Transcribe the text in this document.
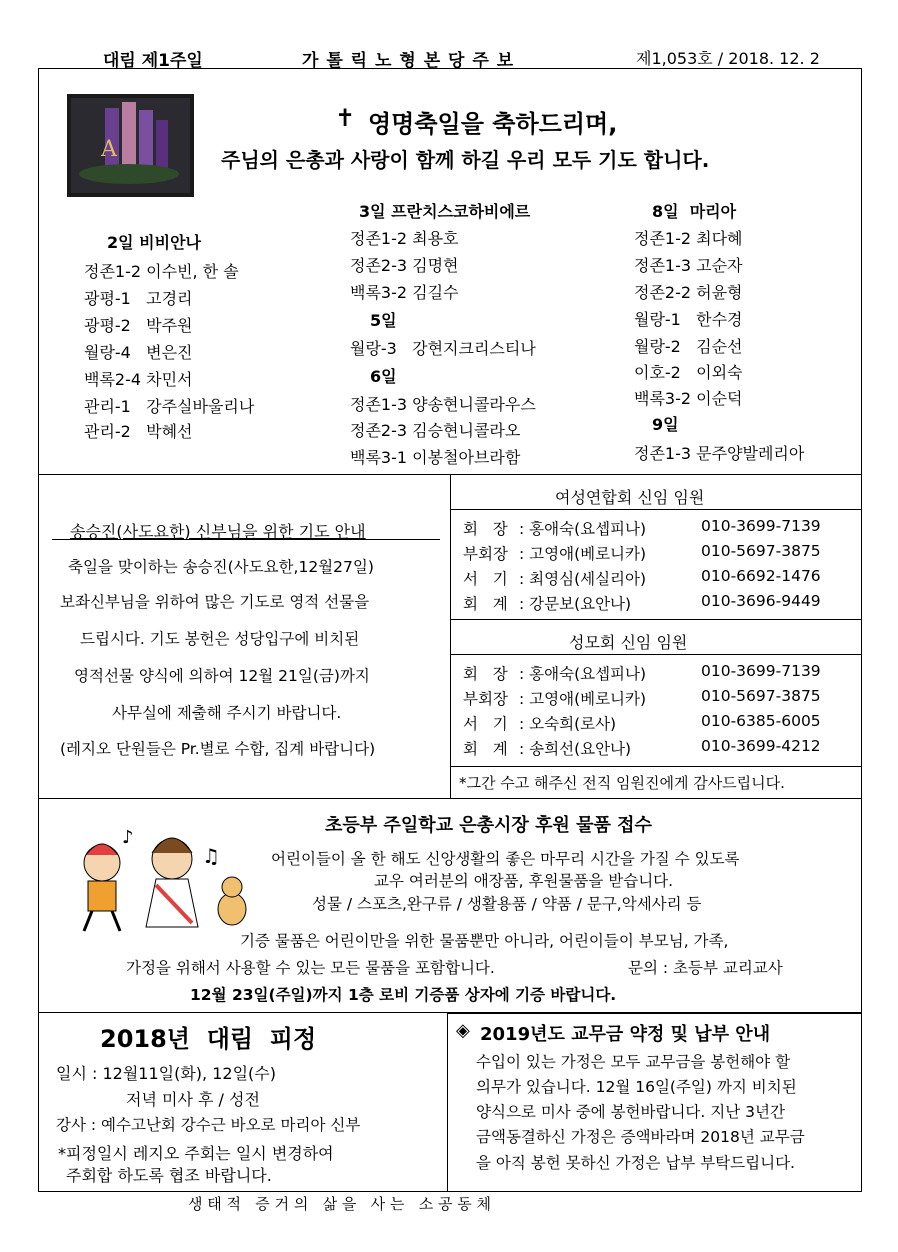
대림 제1주일	가 톨 릭 노 형 본 당 주 보	제1,053호 / 2018. 12. 2
A
✝ 영명축일을 축하드리며,
주님의 은총과 사랑이 함께 하길 우리 모두 기도 합니다.
2일 비비안나
정존1-2 이수빈, 한 솔
광평-1   고경리
광평-2   박주원
월랑-4   변은진
백록2-4 차민서
관리-1   강주실바울리나
관리-2   박혜선
3일 프란치스코하비에르
정존1-2 최용호
정존2-3 김명현
백록3-2 김길수
5일
월랑-3   강현지크리스티나
6일
정존1-3 양송현니콜라우스
정존2-3 김승현니콜라오
백록3-1 이봉철아브라함
8일  마리아
정존1-2 최다혜
정존1-3 고순자
정존2-2 허윤형
월랑-1   한수경
월랑-2   김순선
이호-2   이외숙
백록3-2 이순덕
9일
정존1-3 문주양발레리아
송승진(사도요한) 신부님을 위한 기도 안내
축일을 맞이하는 송승진(사도요한,12월27일)
보좌신부님을 위하여 많은 기도로 영적 선물을
드립시다. 기도 봉헌은 성당입구에 비치된
영적선물 양식에 의하여 12월 21일(금)까지
사무실에 제출해 주시기 바랍니다.
(레지오 단원들은 Pr.별로 수합, 집계 바랍니다)
여성연합회 신임 임원
회   장 : 홍애숙(요셉피나)	010-3699-7139
부회장 : 고영애(베로니카)	010-5697-3875
서   기 : 최영심(세실리아)	010-6692-1476
회   계 : 강문보(요안나)	010-3696-9449
성모회 신임 임원
회   장 : 홍애숙(요셉피나)	010-3699-7139
부회장 : 고영애(베로니카)	010-5697-3875
서   기 : 오숙희(로사)	010-6385-6005
회   계 : 송희선(요안나)	010-3699-4212
*그간 수고 해주신 전직 임원진에게 감사드립니다.
♪
♫
초등부 주일학교 은총시장 후원 물품 접수
어린이들이 올 한 해도 신앙생활의 좋은 마무리 시간을 가질 수 있도록
교우 여러분의 애장품, 후원물품을 받습니다.
성물 / 스포츠,완구류 / 생활용품 / 약품 / 문구,악세사리 등
기증 물품은 어린이만을 위한 물품뿐만 아니라, 어린이들이 부모님, 가족,
가정을 위해서 사용할 수 있는 모든 물품을 포함합니다.	문의 : 초등부 교리교사
12월 23일(주일)까지 1층 로비 기증품 상자에 기증 바랍니다.
2018년  대림  피정
일시 : 12월11일(화), 12일(수)
저녁 미사 후 / 성전
강사 : 예수고난회 강수근 바오로 마리아 신부
*피정일시 레지오 주회는 일시 변경하여
주회합 하도록 협조 바랍니다.
◈ 2019년도 교무금 약정 및 납부 안내
수입이 있는 가정은 모두 교무금을 봉헌해야 할
의무가 있습니다. 12월 16일(주일) 까지 비치된
양식으로 미사 중에 봉헌바랍니다. 지난 3년간
금액동결하신 가정은 증액바라며 2018년 교무금
을 아직 봉헌 못하신 가정은 납부 부탁드립니다.
생 태 적   증 거 의   삶 을   사 는   소 공 동 체
